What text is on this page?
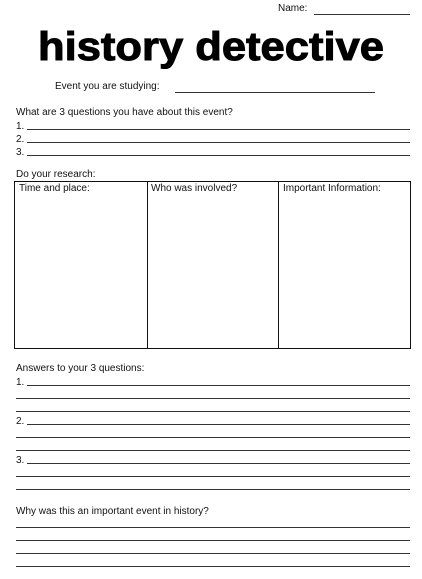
Name:
history detective
Event you are studying:
What are 3 questions you have about this event?
1.
2.
3.
Do your research:
Time and place:	Who was involved?	Important Information:
Answers to your 3 questions:
1.
2.
3.
Why was this an important event in history?
